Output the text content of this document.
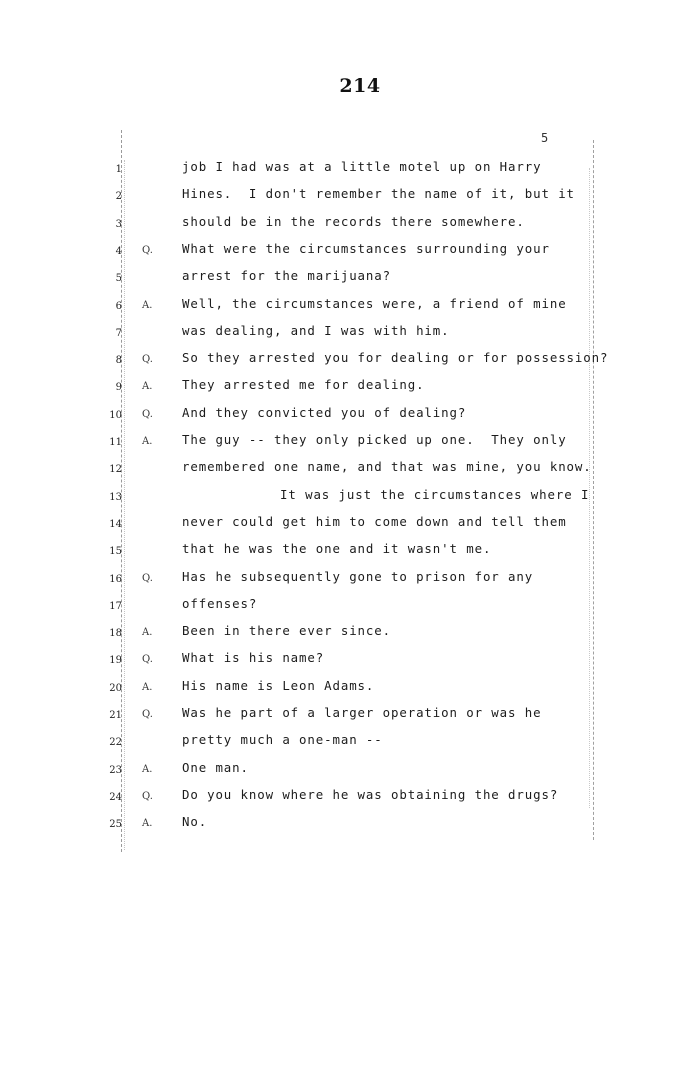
214
5
1	job I had was at a little motel up on Harry
2	Hines.  I don't remember the name of it, but it
3	should be in the records there somewhere.
4 Q. What were the circumstances surrounding your
5	arrest for the marijuana?
6 A. Well, the circumstances were, a friend of mine
7	was dealing, and I was with him.
8 Q. So they arrested you for dealing or for possession?
9 A. They arrested me for dealing.
10 Q. And they convicted you of dealing?
11 A. The guy -- they only picked up one.  They only
12	remembered one name, and that was mine, you know.
13	It was just the circumstances where I
14	never could get him to come down and tell them
15	that he was the one and it wasn't me.
16 Q. Has he subsequently gone to prison for any
17	offenses?
18 A. Been in there ever since.
19 Q. What is his name?
20 A. His name is Leon Adams.
21 Q. Was he part of a larger operation or was he
22	pretty much a one-man --
23 A. One man.
24 Q. Do you know where he was obtaining the drugs?
25 A. No.
